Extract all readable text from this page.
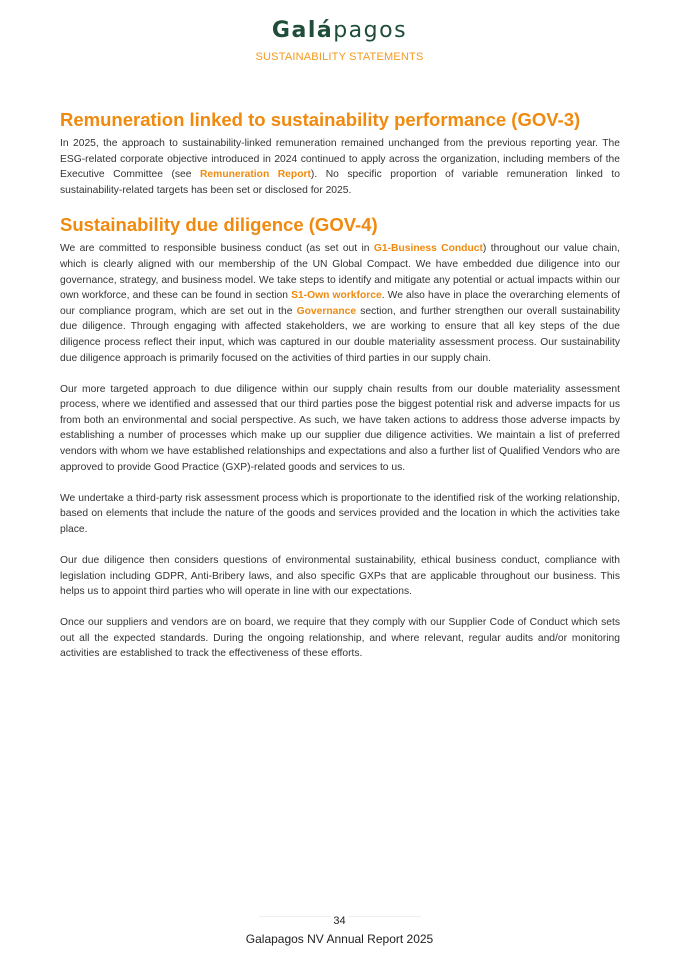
Galápagos
SUSTAINABILITY STATEMENTS
Remuneration linked to sustainability performance (GOV-3)

In 2025, the approach to sustainability‑linked remuneration remained unchanged from the previous reporting year. The ESG‑related corporate objective introduced in 2024 continued to apply across the organization, including members of the Executive Committee (see Remuneration Report). No specific proportion of variable remuneration linked to sustainability‑related targets has been set or disclosed for 2025.

Sustainability due diligence (GOV-4)

We are committed to responsible business conduct (as set out in G1-Business Conduct) throughout our value chain, which is clearly aligned with our membership of the UN Global Compact. We have embedded due diligence into our governance, strategy, and business model. We take steps to identify and mitigate any potential or actual impacts within our own workforce, and these can be found in section S1-Own workforce. We also have in place the overarching elements of our compliance program, which are set out in the Governance section, and further strengthen our overall sustainability due diligence. Through engaging with affected stakeholders, we are working to ensure that all key steps of the due diligence process reflect their input, which was captured in our double materiality assessment process. Our sustainability due diligence approach is primarily focused on the activities of third parties in our supply chain.

Our more targeted approach to due diligence within our supply chain results from our double materiality assessment process, where we identified and assessed that our third parties pose the biggest potential risk and adverse impacts for us from both an environmental and social perspective. As such, we have taken actions to address those adverse impacts by establishing a number of processes which make up our supplier due diligence activities. We maintain a list of preferred vendors with whom we have established relationships and expectations and also a further list of Qualified Vendors who are approved to provide Good Practice (GXP)-related goods and services to us.

We undertake a third-party risk assessment process which is proportionate to the identified risk of the working relationship, based on elements that include the nature of the goods and services provided and the location in which the activities take place.

Our due diligence then considers questions of environmental sustainability, ethical business conduct, compliance with legislation including GDPR, Anti-Bribery laws, and also specific GXPs that are applicable throughout our business. This helps us to appoint third parties who will operate in line with our expectations.

Once our suppliers and vendors are on board, we require that they comply with our Supplier Code of Conduct which sets out all the expected standards. During the ongoing relationship, and where relevant, regular audits and/or monitoring activities are established to track the effectiveness of these efforts.

34
Galapagos NV Annual Report 2025
